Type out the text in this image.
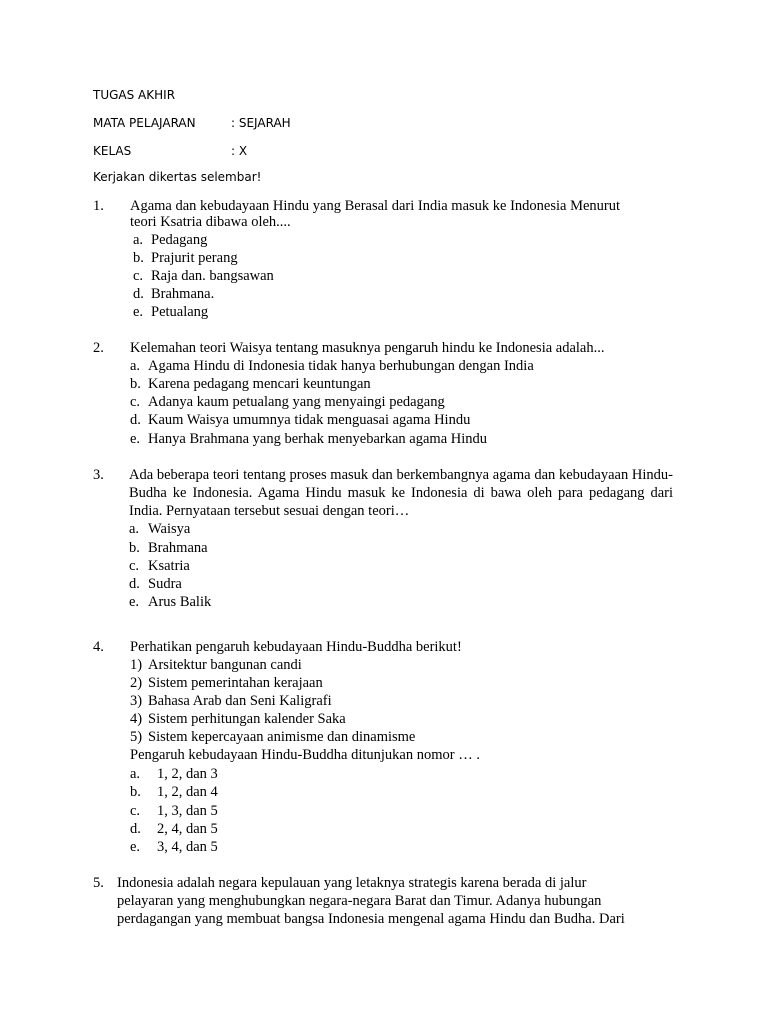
TUGAS AKHIR
MATA PELAJARAN	: SEJARAH
KELAS	: X
Kerjakan dikertas selembar!
1. Agama dan kebudayaan Hindu yang Berasal dari India masuk ke Indonesia Menurut
teori Ksatria dibawa oleh....
a. Pedagang
b. Prajurit perang
c. Raja dan. bangsawan
d. Brahmana.
e. Petualang
2. Kelemahan teori Waisya tentang masuknya pengaruh hindu ke Indonesia adalah...
a. Agama Hindu di Indonesia tidak hanya berhubungan dengan India
b. Karena pedagang mencari keuntungan
c. Adanya kaum petualang yang menyaingi pedagang
d. Kaum Waisya umumnya tidak menguasai agama Hindu
e. Hanya Brahmana yang berhak menyebarkan agama Hindu
3. Ada beberapa teori tentang proses masuk dan berkembangnya agama dan kebudayaan Hindu-Budha ke Indonesia. Agama Hindu masuk ke Indonesia di bawa oleh para pedagang dari India. Pernyataan tersebut sesuai dengan teori…
a. Waisya
b. Brahmana
c. Ksatria
d. Sudra
e. Arus Balik
4. Perhatikan pengaruh kebudayaan Hindu-Buddha berikut!
1) Arsitektur bangunan candi
2) Sistem pemerintahan kerajaan
3) Bahasa Arab dan Seni Kaligrafi
4) Sistem perhitungan kalender Saka
5) Sistem kepercayaan animisme dan dinamisme
Pengaruh kebudayaan Hindu-Buddha ditunjukan nomor … .
a. 1, 2, dan 3
b. 1, 2, dan 4
c. 1, 3, dan 5
d. 2, 4, dan 5
e. 3, 4, dan 5
5. Indonesia adalah negara kepulauan yang letaknya strategis karena berada di jalur
pelayaran yang menghubungkan negara-negara Barat dan Timur. Adanya hubungan
perdagangan yang membuat bangsa Indonesia mengenal agama Hindu dan Budha. Dari
